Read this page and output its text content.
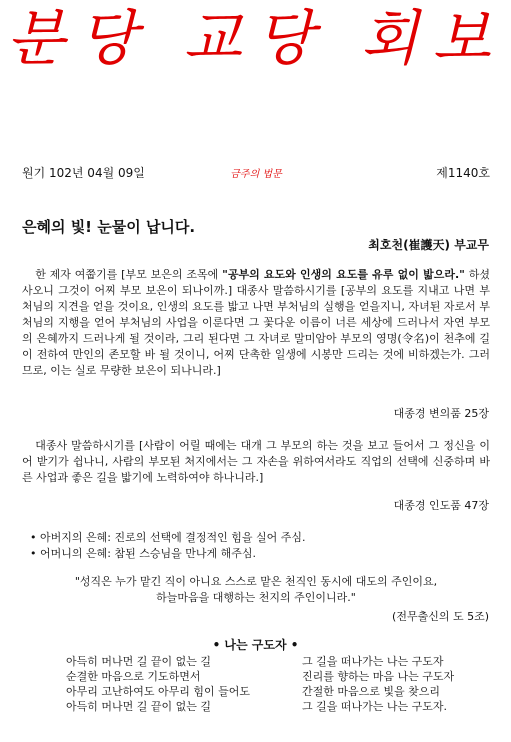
분당 교당 회보
원기 102년 04월 09일	금주의 법문	제1140호
은혜의 빛! 눈물이 납니다.
최호천(崔護天) 부교무

한 제자 여쭙기를 [부모 보은의 조목에 "공부의 요도와 인생의 요도를 유루 없이 밟으라." 하셨사오니 그것이 어찌 부모 보은이 되나이까.] 대종사 말씀하시기를 [공부의 요도를 지내고 나면 부처님의 지견을 얻을 것이요, 인생의 요도를 밟고 나면 부처님의 실행을 얻을지니, 자녀된 자로서 부처님의 지행을 얻어 부처님의 사업을 이룬다면 그 꽃다운 이름이 너른 세상에 드러나서 자연 부모의 은혜까지 드러나게 될 것이라, 그리 된다면 그 자녀로 말미암아 부모의 영명(令名)이 천추에 길이 전하여 만인의 존모할 바 될 것이니, 어찌 단촉한 일생에 시봉만 드리는 것에 비하겠는가. 그러므로, 이는 실로 무량한 보은이 되나니라.]

대종경 변의품 25장

대종사 말씀하시기를 [사람이 어릴 때에는 대개 그 부모의 하는 것을 보고 들어서 그 정신을 이어 받기가 쉽나니, 사람의 부모된 처지에서는 그 자손을 위하여서라도 직업의 선택에 신중하며 바른 사업과 좋은 길을 밟기에 노력하여야 하나니라.]

대종경 인도품 47장
• 아버지의 은혜: 진로의 선택에 결정적인 힘을 실어 주심.
• 어머니의 은혜: 참된 스승님을 만나게 해주심.
"성직은 누가 맡긴 직이 아니요 스스로 맡은 천직인 동시에 대도의 주인이요,
하늘마음을 대행하는 천지의 주인이니라."
(전무출신의 도 5조)
• 나는 구도자 •
아득히 머나먼 길 끝이 없는 길
순결한 마음으로 기도하면서
아무리 고난하여도 아무리 힘이 들어도
아득히 머나먼 길 끝이 없는 길
그 길을 떠나가는 나는 구도자
진리를 향하는 마음 나는 구도자
간절한 마음으로 빛을 찾으리
그 길을 떠나가는 나는 구도자.
